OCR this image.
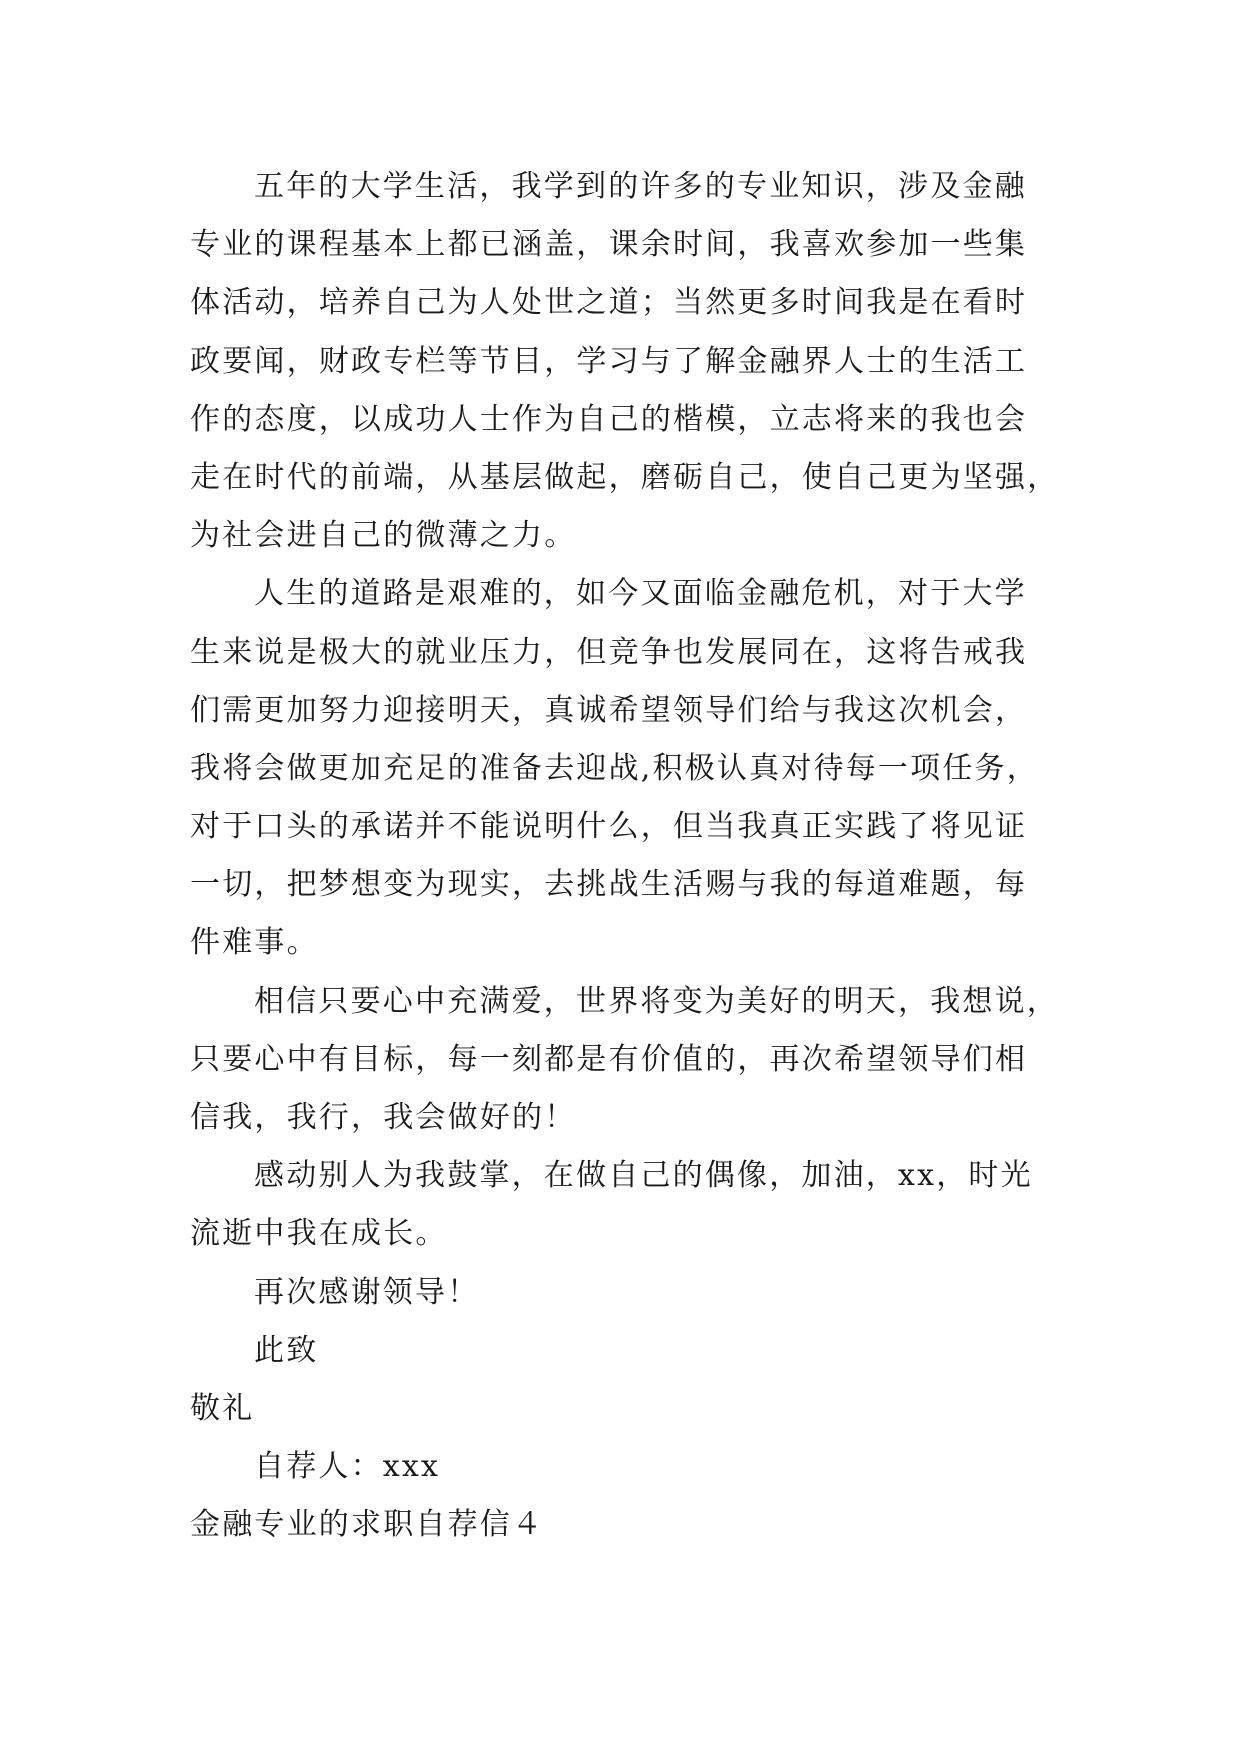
五年的大学生活，我学到的许多的专业知识，涉及金融
专业的课程基本上都已涵盖，课余时间，我喜欢参加一些集
体活动，培养自己为人处世之道；当然更多时间我是在看时
政要闻，财政专栏等节目，学习与了解金融界人士的生活工
作的态度，以成功人士作为自己的楷模，立志将来的我也会
走在时代的前端，从基层做起，磨砺自己，使自己更为坚强，
为社会进自己的微薄之力。
人生的道路是艰难的，如今又面临金融危机，对于大学
生来说是极大的就业压力，但竞争也发展同在，这将告戒我
们需更加努力迎接明天，真诚希望领导们给与我这次机会，
我将会做更加充足的准备去迎战,积极认真对待每一项任务，
对于口头的承诺并不能说明什么，但当我真正实践了将见证
一切，把梦想变为现实，去挑战生活赐与我的每道难题，每
件难事。
相信只要心中充满爱，世界将变为美好的明天，我想说，
只要心中有目标，每一刻都是有价值的，再次希望领导们相
信我，我行，我会做好的！
感动别人为我鼓掌，在做自己的偶像，加油，xx，时光
流逝中我在成长。
再次感谢领导！
此致
敬礼
自荐人：xxx
金融专业的求职自荐信４
